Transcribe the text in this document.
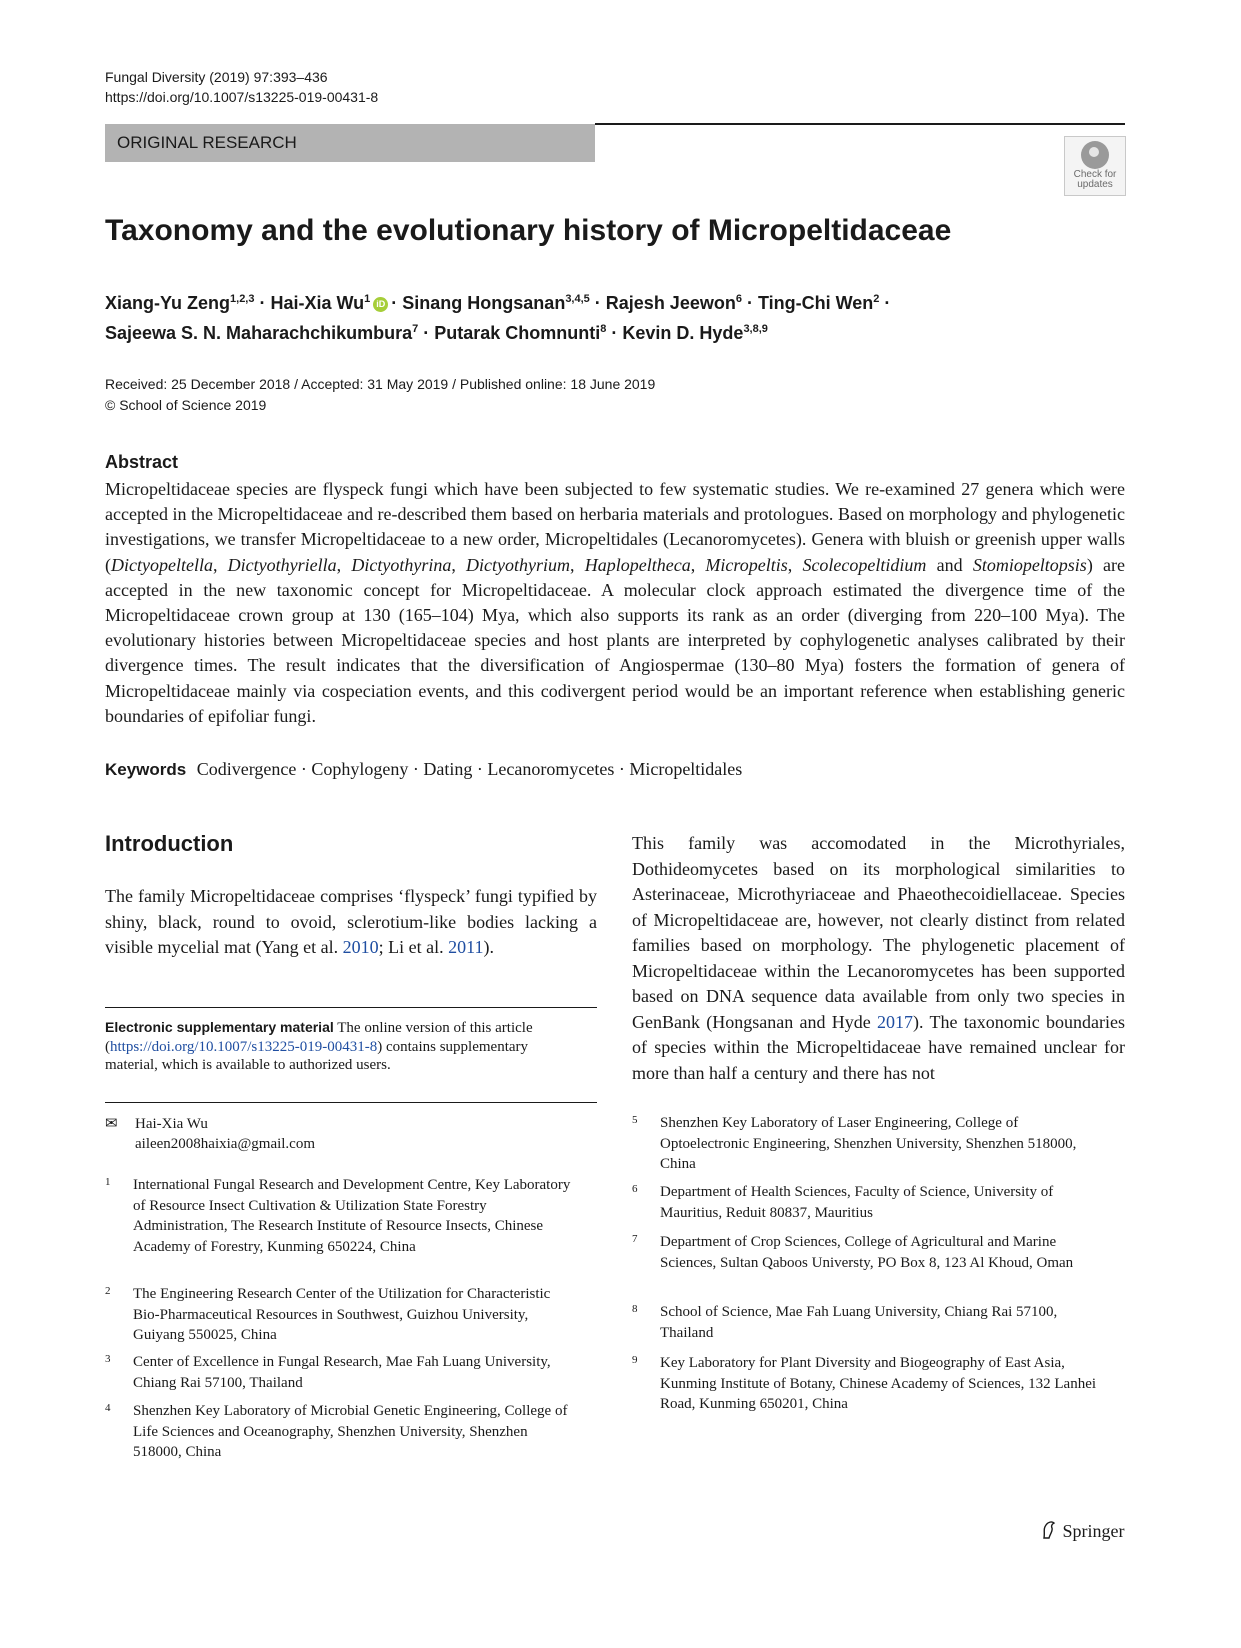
Fungal Diversity (2019) 97:393–436
https://doi.org/10.1007/s13225-019-00431-8
ORIGINAL RESEARCH
Check for
updates
Taxonomy and the evolutionary history of Micropeltidaceae
Xiang-Yu Zeng$^{1,2,3}$ · Hai-Xia Wu$^1$ iD · Sinang Hongsanan$^{3,4,5}$ · Rajesh Jeewon$^6$ · Ting-Chi Wen$^2$ ·
Sajeewa S. N. Maharachchikumbura$^7$ · Putarak Chomnunti$^8$ · Kevin D. Hyde$^{3,8,9}$
Received: 25 December 2018 / Accepted: 31 May 2019 / Published online: 18 June 2019
© School of Science 2019
Abstract
Micropeltidaceae species are flyspeck fungi which have been subjected to few systematic studies. We re-examined 27 genera which were accepted in the Micropeltidaceae and re-described them based on herbaria materials and protologues. Based on morphology and phylogenetic investigations, we transfer Micropeltidaceae to a new order, Micropeltidales (Lecanoromycetes). Genera with bluish or greenish upper walls (Dictyopeltella, Dictyothyriella, Dictyothyrina, Dictyothyrium, Haplopeltheca, Micropeltis, Scolecopeltidium and Stomiopeltopsis) are accepted in the new taxonomic concept for Micropeltidaceae. A molecular clock approach estimated the divergence time of the Micropeltidaceae crown group at 130 (165–104) Mya, which also supports its rank as an order (diverging from 220–100 Mya). The evolutionary histories between Micropeltidaceae species and host plants are interpreted by cophylogenetic analyses calibrated by their divergence times. The result indicates that the diversification of Angiospermae (130–80 Mya) fosters the formation of genera of Micropeltidaceae mainly via cospeciation events, and this codivergent period would be an important reference when establishing generic boundaries of epifoliar fungi.
Keywords Codivergence · Cophylogeny · Dating · Lecanoromycetes · Micropeltidales
Introduction
The family Micropeltidaceae comprises ‘flyspeck’ fungi typified by shiny, black, round to ovoid, sclerotium-like bodies lacking a visible mycelial mat (Yang et al. 2010; Li et al. 2011).
This family was accomodated in the Microthyriales, Dothideomycetes based on its morphological similarities to Asterinaceae, Microthyriaceae and Phaeothecoidiellaceae. Species of Micropeltidaceae are, however, not clearly distinct from related families based on morphology. The phylogenetic placement of Micropeltidaceae within the Lecanoromycetes has been supported based on DNA sequence data available from only two species in GenBank (Hongsanan and Hyde 2017). The taxonomic boundaries of species within the Micropeltidaceae have remained unclear for more than half a century and there has not
Electronic supplementary material The online version of this article (https://doi.org/10.1007/s13225-019-00431-8) contains supplementary material, which is available to authorized users.
✉ Hai-Xia Wu
aileen2008haixia@gmail.com
1 International Fungal Research and Development Centre, Key Laboratory of Resource Insect Cultivation & Utilization State Forestry Administration, The Research Institute of Resource Insects, Chinese Academy of Forestry, Kunming 650224, China
2 The Engineering Research Center of the Utilization for Characteristic Bio-Pharmaceutical Resources in Southwest, Guizhou University, Guiyang 550025, China
3 Center of Excellence in Fungal Research, Mae Fah Luang University, Chiang Rai 57100, Thailand
4 Shenzhen Key Laboratory of Microbial Genetic Engineering, College of Life Sciences and Oceanography, Shenzhen University, Shenzhen 518000, China
5 Shenzhen Key Laboratory of Laser Engineering, College of Optoelectronic Engineering, Shenzhen University, Shenzhen 518000, China
6 Department of Health Sciences, Faculty of Science, University of Mauritius, Reduit 80837, Mauritius
7 Department of Crop Sciences, College of Agricultural and Marine Sciences, Sultan Qaboos Universty, PO Box 8, 123 Al Khoud, Oman
8 School of Science, Mae Fah Luang University, Chiang Rai 57100, Thailand
9 Key Laboratory for Plant Diversity and Biogeography of East Asia, Kunming Institute of Botany, Chinese Academy of Sciences, 132 Lanhei Road, Kunming 650201, China
Springer
